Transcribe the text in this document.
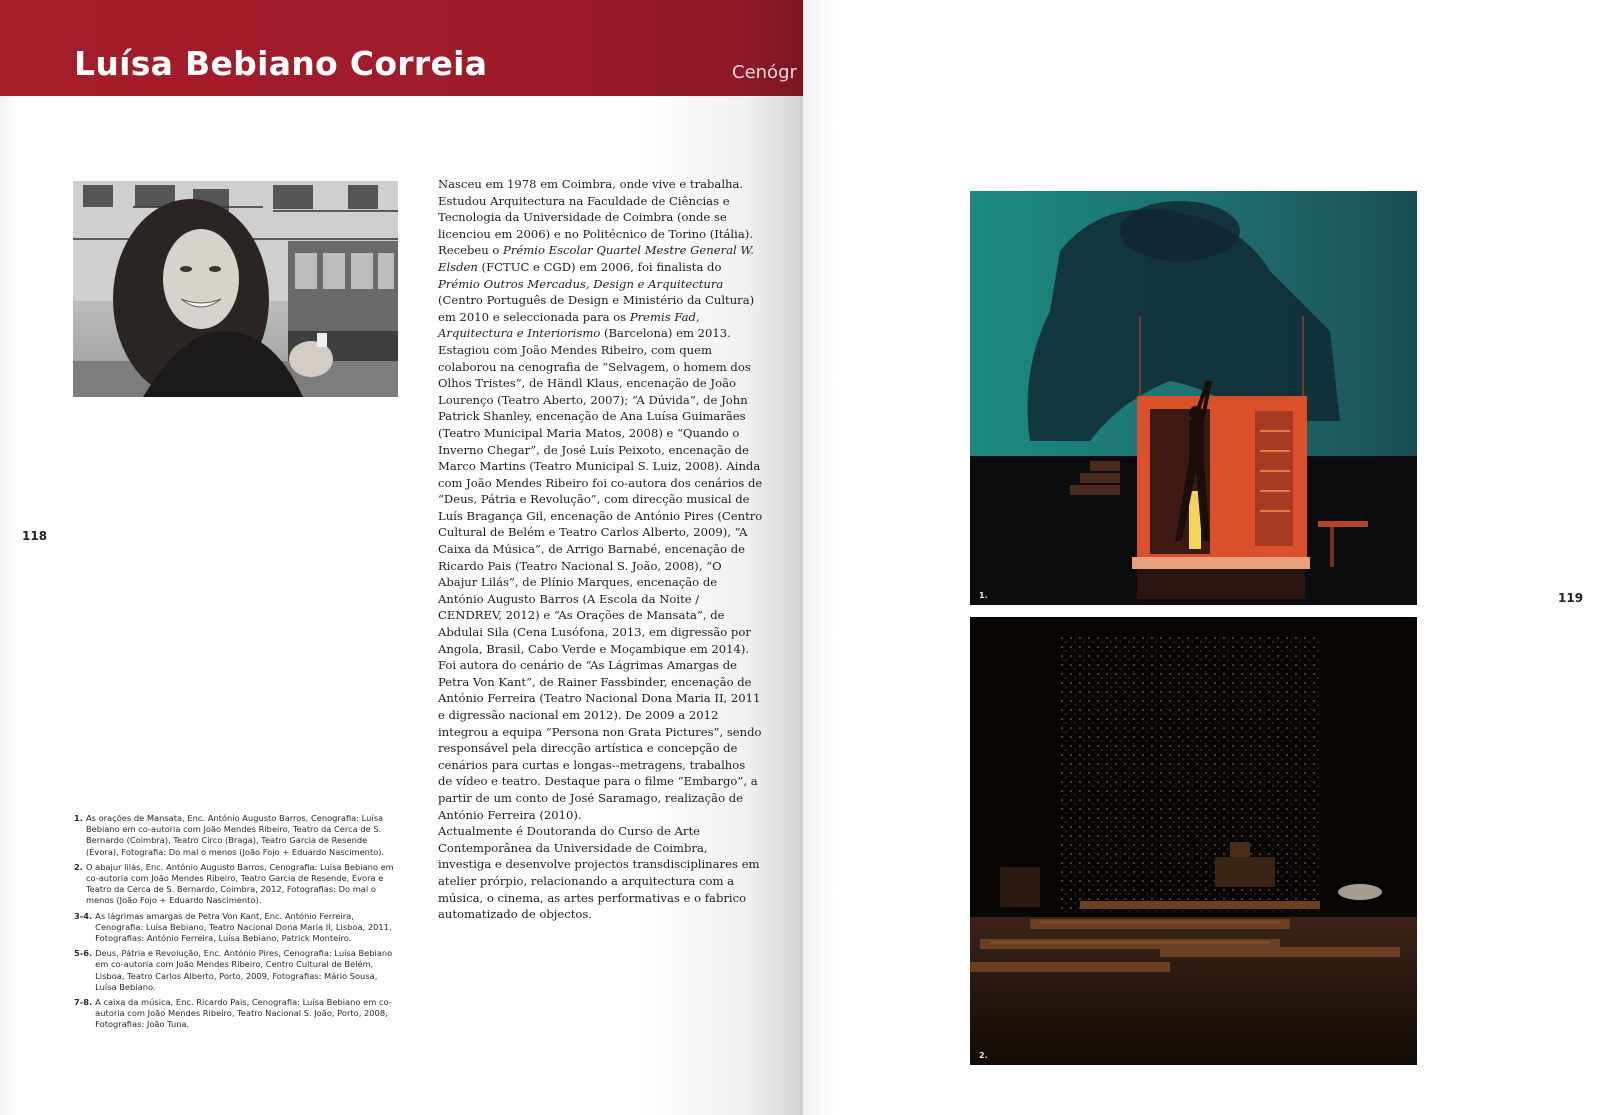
Luísa Bebiano Correia	Cenógr

Nasceu em 1978 em Coimbra, onde vive e trabalha. Estudou Arquitectura na Faculdade de Ciências e Tecnologia da Universidade de Coimbra (onde se licenciou em 2006) e no Politécnico de Torino (Itália).

Recebeu o Prémio Escolar Quartel Mestre General W. Elsden (FCTUC e CGD) em 2006, foi finalista do Prémio Outros Mercadus, Design e Arquitectura (Centro Português de Design e Ministério da Cultura) em 2010 e seleccionada para os Premis Fad, Arquitectura e Interiorismo (Barcelona) em 2013.

Estagiou com João Mendes Ribeiro, com quem colaborou na cenografia de “Selvagem, o homem dos Olhos Tristes”, de Händl Klaus, encenação de João Lourenço (Teatro Aberto, 2007); “A Dúvida”, de John Patrick Shanley, encenação de Ana Luísa Guimarães (Teatro Municipal Maria Matos, 2008) e “Quando o Inverno Chegar”, de José Luís Peixoto, encenação de Marco Martins (Teatro Municipal S. Luiz, 2008). Ainda com João Mendes Ribeiro foi co-autora dos cenários de “Deus, Pátria e Revolução”, com direcção musical de Luís Bragança Gil, encenação de António Pires (Centro Cultural de Belém e Teatro Carlos Alberto, 2009), “A Caixa da Música”, de Arrigo Barnabé, encenação de Ricardo Pais (Teatro Nacional S. João, 2008), “O Abajur Lilás”, de Plínio Marques, encenação de António Augusto Barros (A Escola da Noite / CENDREV, 2012) e “As Orações de Mansata”, de Abdulai Sila (Cena Lusófona, 2013, em digressão por Angola, Brasil, Cabo Verde e Moçambique em 2014). Foi autora do cenário de “As Lágrimas Amargas de Petra Von Kant”, de Rainer Fassbinder, encenação de António Ferreira (Teatro Nacional Dona Maria II, 2011 e digressão nacional em 2012). De 2009 a 2012 integrou a equipa “Persona non Grata Pictures”, sendo responsável pela direcção artística e concepção de cenários para curtas e longas--metragens, trabalhos de vídeo e teatro. Destaque para o filme “Embargo”, a partir de um conto de José Saramago, realização de António Ferreira (2010).

Actualmente é Doutoranda do Curso de Arte Contemporânea da Universidade de Coimbra, investiga e desenvolve projectos transdisciplinares em atelier prórpio, relacionando a arquitectura com a música, o cinema, as artes performativas e o fabrico automatizado de objectos.

1. As orações de Mansata, Enc. António Augusto Barros, Cenografia: Luísa Bebiano em co-autoria com João Mendes Ribeiro, Teatro da Cerca de S. Bernardo (Coimbra), Teatro Circo (Braga), Teatro Garcia de Resende (Évora), Fotografia: Do mal o menos (João Fojo + Eduardo Nascimento).
2. O abajur lilás, Enc. António Augusto Barros, Cenografia: Luísa Bebiano em co-autoria com João Mendes Ribeiro, Teatro Garcia de Resende, Évora e Teatro da Cerca de S. Bernardo, Coimbra, 2012, Fotografias: Do mal o menos (João Fojo + Eduardo Nascimento).
3-4. As lágrimas amargas de Petra Von Kant, Enc. António Ferreira, Cenografia: Luísa Bebiano, Teatro Nacional Dona Maria II, Lisboa, 2011, Fotografias: António Ferreira, Luísa Bebiano, Patrick Monteiro.
5-6. Deus, Pátria e Revolução, Enc. António Pires, Cenografia: Luísa Bebiano em co-autoria com João Mendes Ribeiro, Centro Cultural de Belém, Lisboa, Teatro Carlos Alberto, Porto, 2009, Fotografias: Mário Sousa, Luísa Bebiano.
7-8. A caixa da música, Enc. Ricardo Pais, Cenografia: Luísa Bebiano em co-autoria com João Mendes Ribeiro, Teatro Nacional S. João, Porto, 2008, Fotografias: João Tuna.
118
1.
2.
119
